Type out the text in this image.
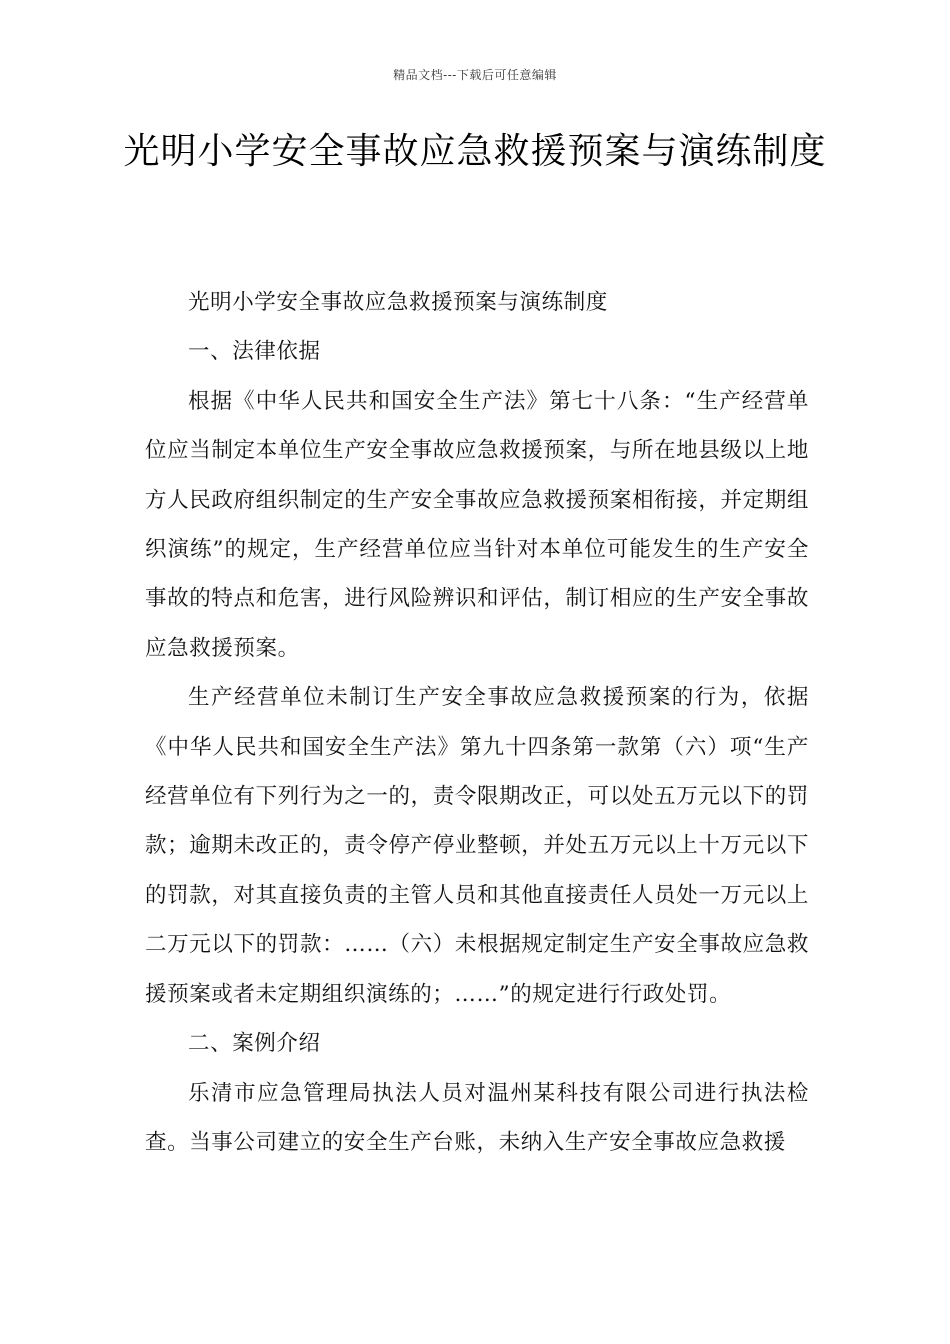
精品文档---下载后可任意编辑
光明小学安全事故应急救援预案与演练制度

光明小学安全事故应急救援预案与演练制度

一、法律依据

根据《中华人民共和国安全生产法》第七十八条：“生产经营单位应当制定本单位生产安全事故应急救援预案，与所在地县级以上地方人民政府组织制定的生产安全事故应急救援预案相衔接，并定期组织演练”的规定，生产经营单位应当针对本单位可能发生的生产安全事故的特点和危害，进行风险辨识和评估，制订相应的生产安全事故应急救援预案。

生产经营单位未制订生产安全事故应急救援预案的行为，依据《中华人民共和国安全生产法》第九十四条第一款第（六）项“生产经营单位有下列行为之一的，责令限期改正，可以处五万元以下的罚款；逾期未改正的，责令停产停业整顿，并处五万元以上十万元以下的罚款，对其直接负责的主管人员和其他直接责任人员处一万元以上二万元以下的罚款：……（六）未根据规定制定生产安全事故应急救援预案或者未定期组织演练的；……”的规定进行行政处罚。

二、案例介绍

乐清市应急管理局执法人员对温州某科技有限公司进行执法检查。当事公司建立的安全生产台账，未纳入生产安全事故应急救援
